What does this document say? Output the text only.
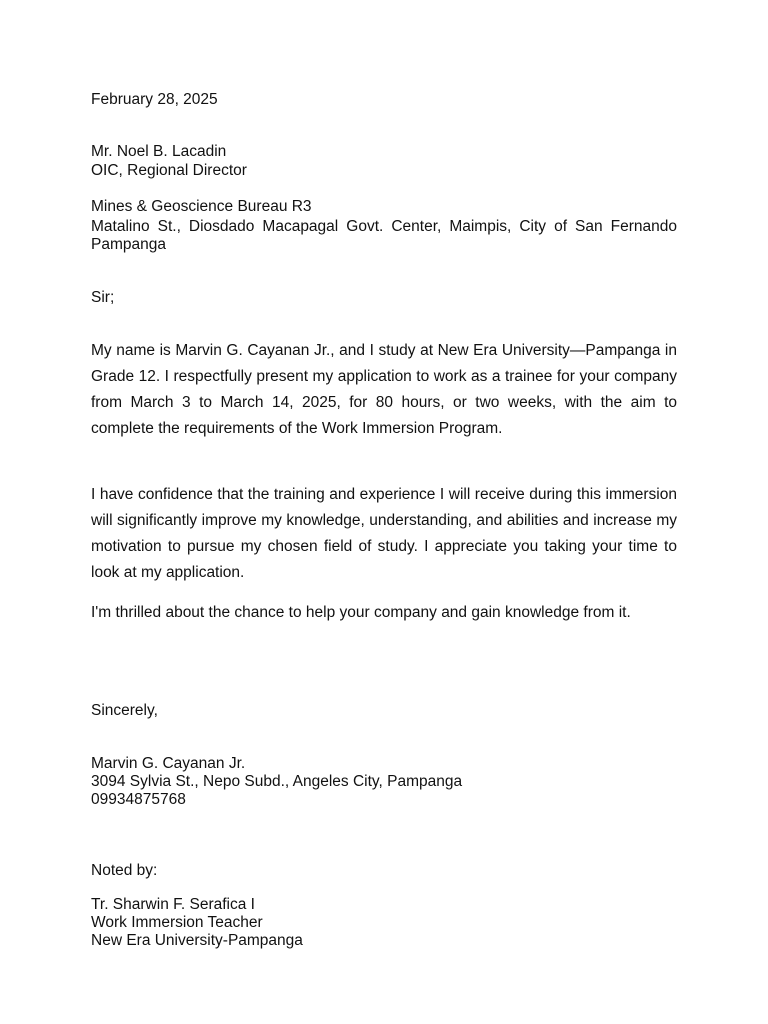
February 28, 2025
Mr. Noel B. Lacadin
OIC, Regional Director
Mines & Geoscience Bureau R3
Matalino St., Diosdado Macapagal Govt. Center, Maimpis, City of San Fernando Pampanga
Sir;
My name is Marvin G. Cayanan Jr., and I study at New Era University—Pampanga in Grade 12. I respectfully present my application to work as a trainee for your company from March 3 to March 14, 2025, for 80 hours, or two weeks, with the aim to complete the requirements of the Work Immersion Program.
I have confidence that the training and experience I will receive during this immersion will significantly improve my knowledge, understanding, and abilities and increase my motivation to pursue my chosen field of study. I appreciate you taking your time to look at my application.
I'm thrilled about the chance to help your company and gain knowledge from it.
Sincerely,
Marvin G. Cayanan Jr.
3094 Sylvia St., Nepo Subd., Angeles City, Pampanga
09934875768
Noted by:
Tr. Sharwin F. Serafica I
Work Immersion Teacher
New Era University-Pampanga
